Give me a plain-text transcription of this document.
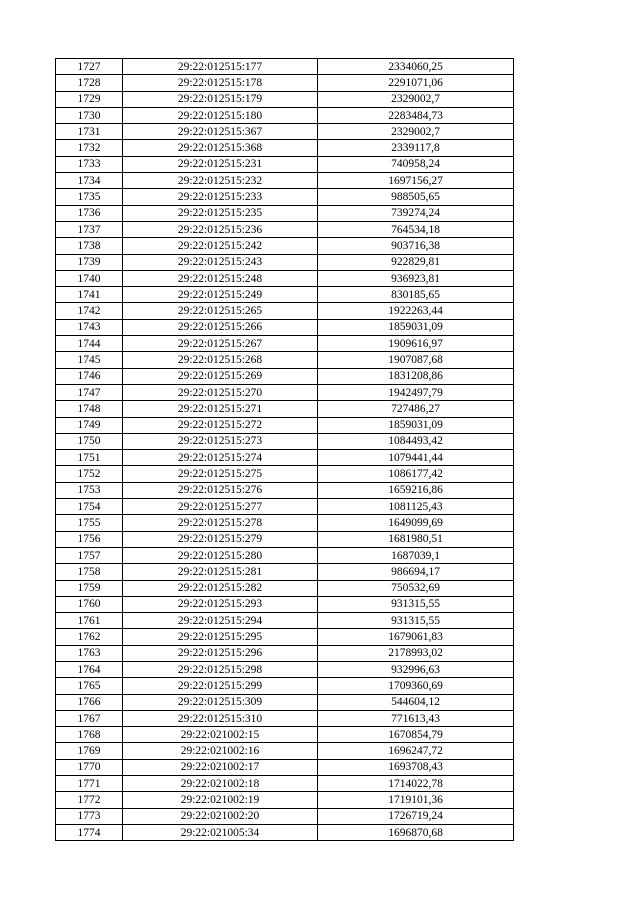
1727	29:22:012515:177	2334060,25
1728	29:22:012515:178	2291071,06
1729	29:22:012515:179	2329002,7
1730	29:22:012515:180	2283484,73
1731	29:22:012515:367	2329002,7
1732	29:22:012515:368	2339117,8
1733	29:22:012515:231	740958,24
1734	29:22:012515:232	1697156,27
1735	29:22:012515:233	988505,65
1736	29:22:012515:235	739274,24
1737	29:22:012515:236	764534,18
1738	29:22:012515:242	903716,38
1739	29:22:012515:243	922829,81
1740	29:22:012515:248	936923,81
1741	29:22:012515:249	830185,65
1742	29:22:012515:265	1922263,44
1743	29:22:012515:266	1859031,09
1744	29:22:012515:267	1909616,97
1745	29:22:012515:268	1907087,68
1746	29:22:012515:269	1831208,86
1747	29:22:012515:270	1942497,79
1748	29:22:012515:271	727486,27
1749	29:22:012515:272	1859031,09
1750	29:22:012515:273	1084493,42
1751	29:22:012515:274	1079441,44
1752	29:22:012515:275	1086177,42
1753	29:22:012515:276	1659216,86
1754	29:22:012515:277	1081125,43
1755	29:22:012515:278	1649099,69
1756	29:22:012515:279	1681980,51
1757	29:22:012515:280	1687039,1
1758	29:22:012515:281	986694,17
1759	29:22:012515:282	750532,69
1760	29:22:012515:293	931315,55
1761	29:22:012515:294	931315,55
1762	29:22:012515:295	1679061,83
1763	29:22:012515:296	2178993,02
1764	29:22:012515:298	932996,63
1765	29:22:012515:299	1709360,69
1766	29:22:012515:309	544604,12
1767	29:22:012515:310	771613,43
1768	29:22:021002:15	1670854,79
1769	29:22:021002:16	1696247,72
1770	29:22:021002:17	1693708,43
1771	29:22:021002:18	1714022,78
1772	29:22:021002:19	1719101,36
1773	29:22:021002:20	1726719,24
1774	29:22:021005:34	1696870,68
